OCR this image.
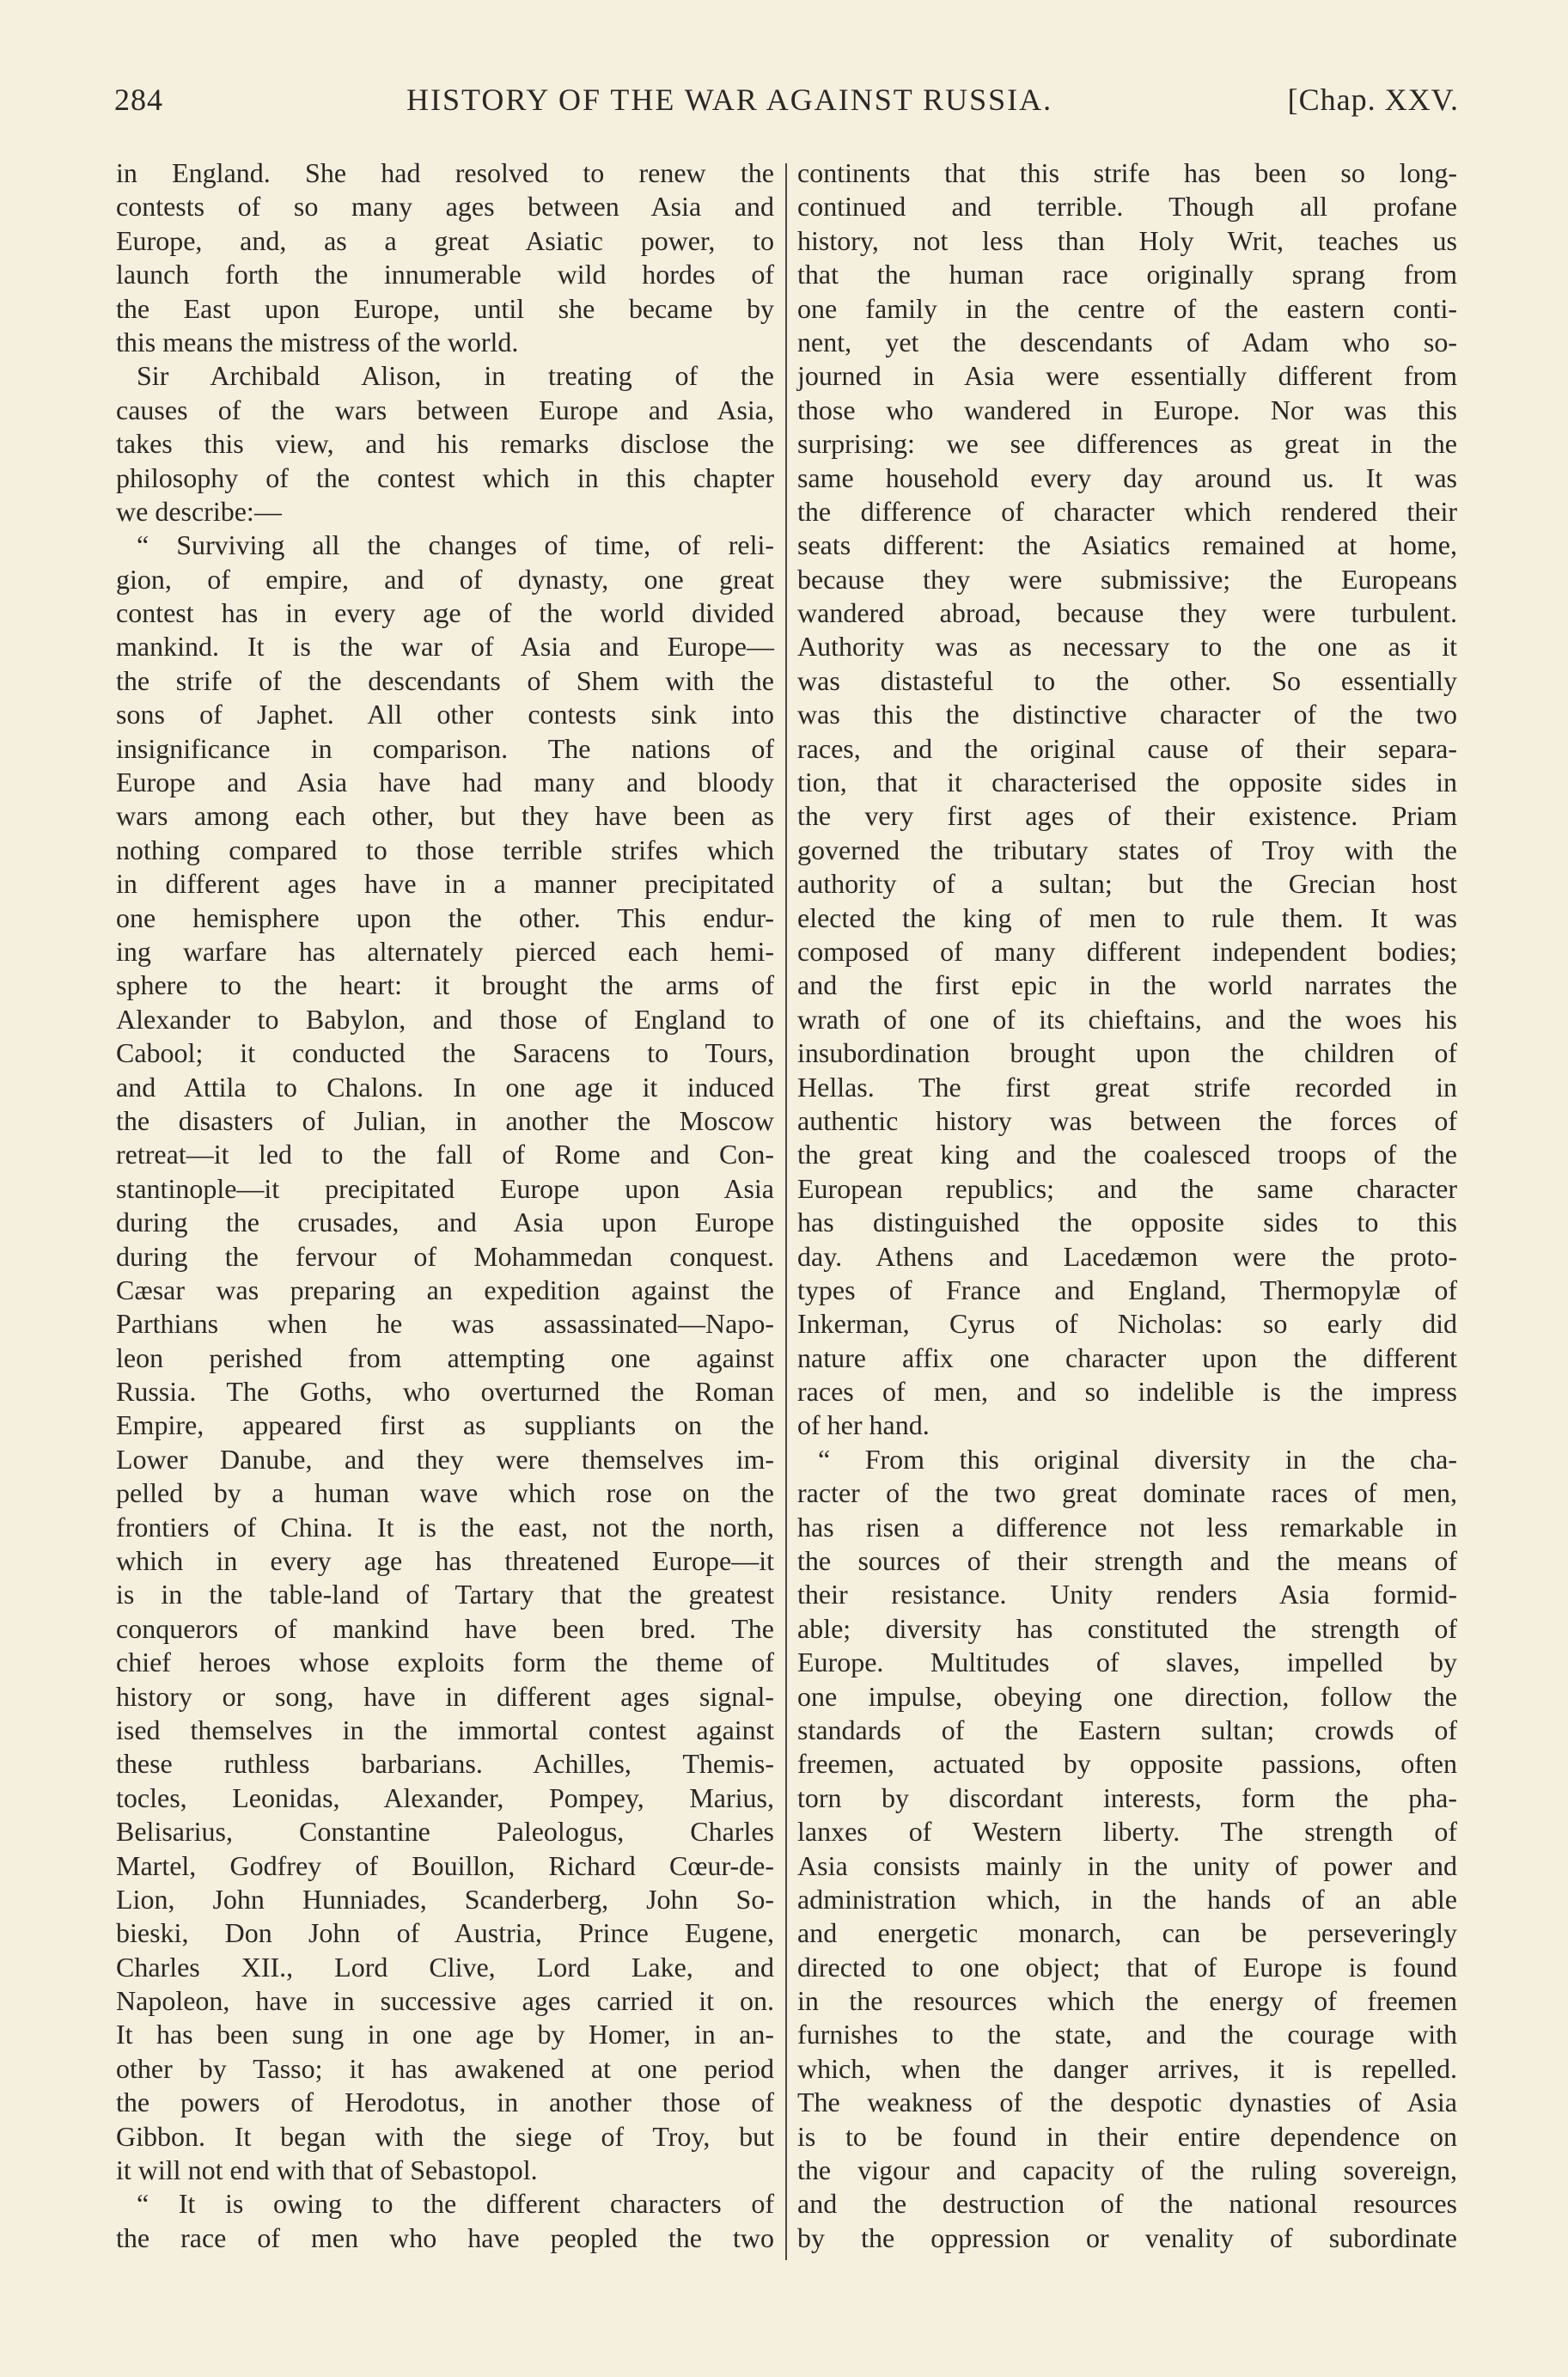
284	HISTORY OF THE WAR AGAINST RUSSIA.	[Chap. XXV.
in England. She had resolved to renew the
contests of so many ages between Asia and
Europe, and, as a great Asiatic power, to
launch forth the innumerable wild hordes of
the East upon Europe, until she became by
this means the mistress of the world.
Sir Archibald Alison, in treating of the
causes of the wars between Europe and Asia,
takes this view, and his remarks disclose the
philosophy of the contest which in this chapter
we describe:—
“ Surviving all the changes of time, of reli-
gion, of empire, and of dynasty, one great
contest has in every age of the world divided
mankind. It is the war of Asia and Europe—
the strife of the descendants of Shem with the
sons of Japhet. All other contests sink into
insignificance in comparison. The nations of
Europe and Asia have had many and bloody
wars among each other, but they have been as
nothing compared to those terrible strifes which
in different ages have in a manner precipitated
one hemisphere upon the other. This endur-
ing warfare has alternately pierced each hemi-
sphere to the heart: it brought the arms of
Alexander to Babylon, and those of England to
Cabool; it conducted the Saracens to Tours,
and Attila to Chalons. In one age it induced
the disasters of Julian, in another the Moscow
retreat—it led to the fall of Rome and Con-
stantinople—it precipitated Europe upon Asia
during the crusades, and Asia upon Europe
during the fervour of Mohammedan conquest.
Cæsar was preparing an expedition against the
Parthians when he was assassinated—Napo-
leon perished from attempting one against
Russia. The Goths, who overturned the Roman
Empire, appeared first as suppliants on the
Lower Danube, and they were themselves im-
pelled by a human wave which rose on the
frontiers of China. It is the east, not the north,
which in every age has threatened Europe—it
is in the table-land of Tartary that the greatest
conquerors of mankind have been bred. The
chief heroes whose exploits form the theme of
history or song, have in different ages signal-
ised themselves in the immortal contest against
these ruthless barbarians. Achilles, Themis-
tocles, Leonidas, Alexander, Pompey, Marius,
Belisarius, Constantine Paleologus, Charles
Martel, Godfrey of Bouillon, Richard Cœur-de-
Lion, John Hunniades, Scanderberg, John So-
bieski, Don John of Austria, Prince Eugene,
Charles XII., Lord Clive, Lord Lake, and
Napoleon, have in successive ages carried it on.
It has been sung in one age by Homer, in an-
other by Tasso; it has awakened at one period
the powers of Herodotus, in another those of
Gibbon. It began with the siege of Troy, but
it will not end with that of Sebastopol.
“ It is owing to the different characters of
the race of men who have peopled the two
continents that this strife has been so long-
continued and terrible. Though all profane
history, not less than Holy Writ, teaches us
that the human race originally sprang from
one family in the centre of the eastern conti-
nent, yet the descendants of Adam who so-
journed in Asia were essentially different from
those who wandered in Europe. Nor was this
surprising: we see differences as great in the
same household every day around us. It was
the difference of character which rendered their
seats different: the Asiatics remained at home,
because they were submissive; the Europeans
wandered abroad, because they were turbulent.
Authority was as necessary to the one as it
was distasteful to the other. So essentially
was this the distinctive character of the two
races, and the original cause of their separa-
tion, that it characterised the opposite sides in
the very first ages of their existence. Priam
governed the tributary states of Troy with the
authority of a sultan; but the Grecian host
elected the king of men to rule them. It was
composed of many different independent bodies;
and the first epic in the world narrates the
wrath of one of its chieftains, and the woes his
insubordination brought upon the children of
Hellas. The first great strife recorded in
authentic history was between the forces of
the great king and the coalesced troops of the
European republics; and the same character
has distinguished the opposite sides to this
day. Athens and Lacedæmon were the proto-
types of France and England, Thermopylæ of
Inkerman, Cyrus of Nicholas: so early did
nature affix one character upon the different
races of men, and so indelible is the impress
of her hand.
“ From this original diversity in the cha-
racter of the two great dominate races of men,
has risen a difference not less remarkable in
the sources of their strength and the means of
their resistance. Unity renders Asia formid-
able; diversity has constituted the strength of
Europe. Multitudes of slaves, impelled by
one impulse, obeying one direction, follow the
standards of the Eastern sultan; crowds of
freemen, actuated by opposite passions, often
torn by discordant interests, form the pha-
lanxes of Western liberty. The strength of
Asia consists mainly in the unity of power and
administration which, in the hands of an able
and energetic monarch, can be perseveringly
directed to one object; that of Europe is found
in the resources which the energy of freemen
furnishes to the state, and the courage with
which, when the danger arrives, it is repelled.
The weakness of the despotic dynasties of Asia
is to be found in their entire dependence on
the vigour and capacity of the ruling sovereign,
and the destruction of the national resources
by the oppression or venality of subordinate
